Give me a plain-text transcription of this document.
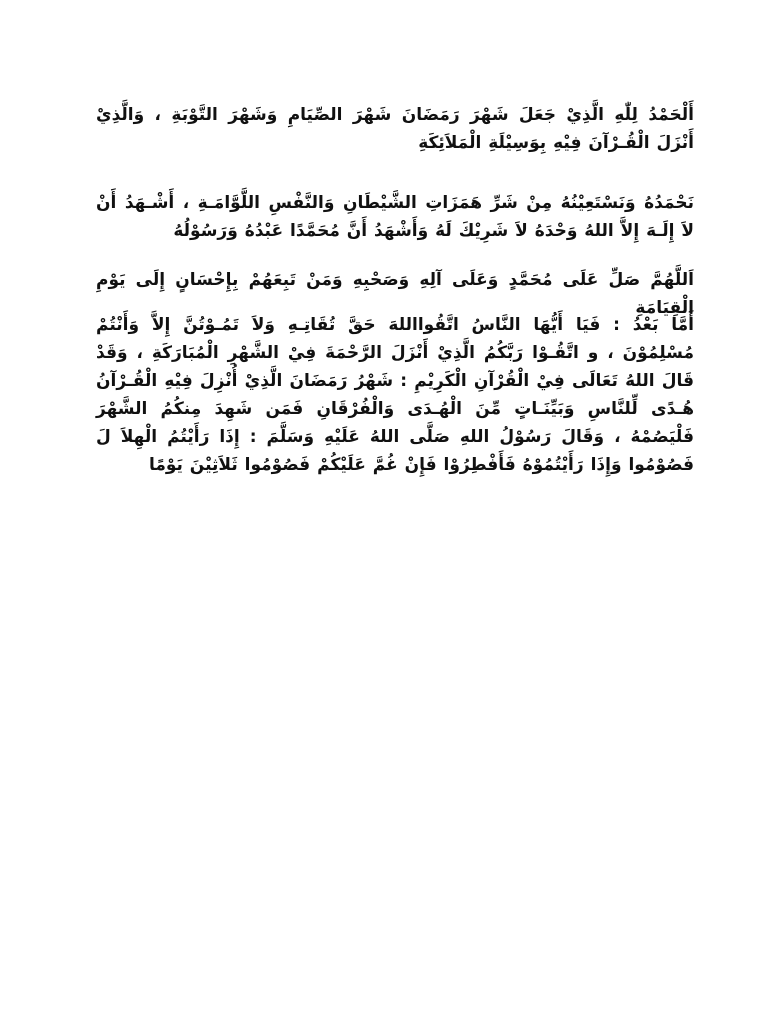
أَلْحَمْدُ لِلّٰهِ الَّذِيْ جَعَلَ شَهْرَ رَمَضَانَ شَهْرَ الصِّيَامِ وَشَهْرَ التَّوْبَةِ ، وَالَّذِيْ أَنْزَلَ الْقُـرْآنَ فِيْهِ بِوَسِيْلَةِ الْمَلاَئِكَةِ

نَحْمَدُهُ وَنَسْتَعِيْنُهُ مِنْ شَرِّ هَمَزَاتِ الشَّيْطَانِ وَالنَّفْسِ اللَّوَّامَـةِ ، أَشْـهَدُ أَنْ لاَ إِلَـهَ إِلاَّ اللهُ وَحْدَهُ لاَ شَرِيْكَ لَهُ وَأَشْهَدُ أَنَّ مُحَمَّدًا عَبْدُهُ وَرَسُوْلُهُ

اَللَّهُمَّ صَلِّ عَلَى مُحَمَّدٍ وَعَلَى آلِهِ وَصَحْبِهِ وَمَنْ تَبِعَهُمْ بِإِحْسَانٍ إِلَى يَوْمِ الْقِيَامَةِ

أَمَّا بَعْدُ : فَيَا أَيُّهَا النَّاسُ اتَّقُوااللهَ حَقَّ تُقَاتِـهِ وَلاَ تَمُـوْتُنَّ إِلاَّ وَأَنْتُمْ مُسْلِمُوْنَ ، و اتَّقُـوْا رَبَّكُمُ الَّذِيْ أَنْزَلَ الرَّحْمَةَ فِيْ الشَّهْرِ الْمُبَارَكَةِ ، وَقَدْ قَالَ اللهُ تَعَالَى فِيْ الْقُرْآنِ الْكَرِيْمِ : شَهْرُ رَمَضَانَ الَّذِيْ أُنْزِلَ فِيْهِ الْقُـرْآنُ هُـدًى لِّلنَّاسِ وَبَيِّنَـاتٍ مِّنَ الْهُـدَى وَالْفُرْقَانِ فَمَن شَهِدَ مِنكُمُ الشَّهْرَ فَلْيَصُمْهُ ، وَقَالَ رَسُوْلُ اللهِ صَلَّى اللهُ عَلَيْهِ وَسَلَّمَ : إِذَا رَأَيْتُمُ الْهِلاَ لَ فَصُوْمُوا وَإِذَا رَأَيْتُمُوْهُ فَأَفْطِرُوْا فَإِنْ غُمَّ عَلَيْكُمْ فَصُوْمُوا ثَلاَثِيْنَ يَوْمًا
